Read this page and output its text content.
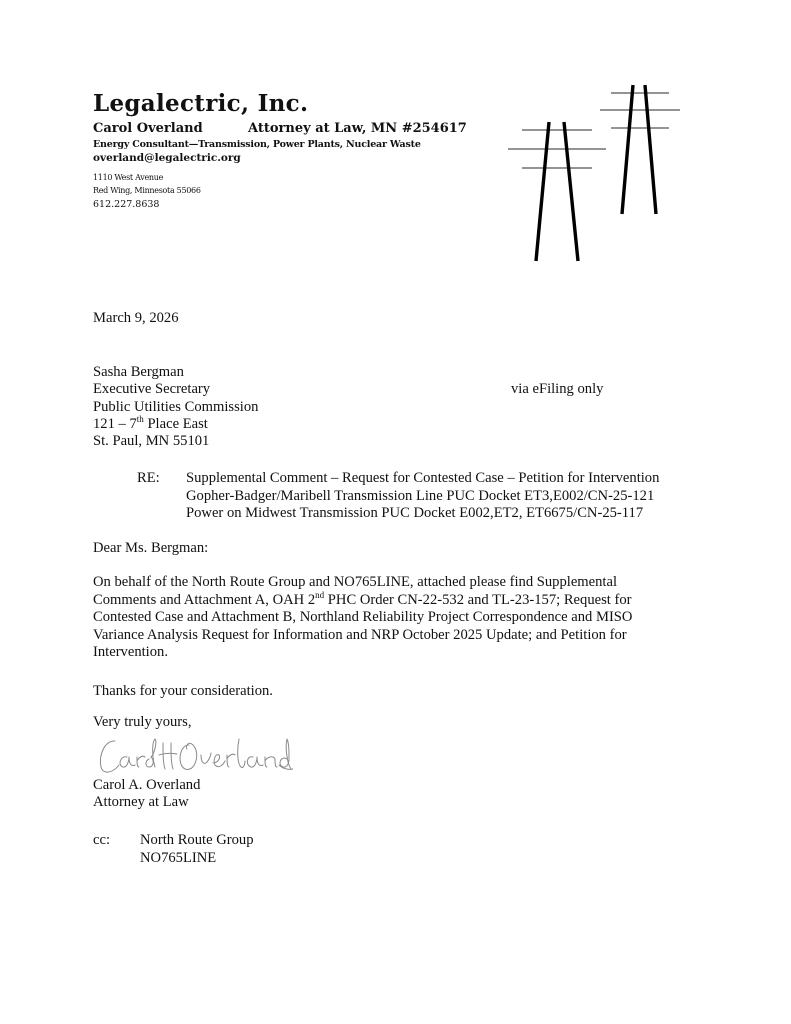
Legalectric, Inc.
Carol Overland	Attorney at Law, MN #254617
Energy Consultant—Transmission, Power Plants, Nuclear Waste
overland@legalectric.org
1110 West Avenue
Red Wing, Minnesota 55066
612.227.8638
March 9, 2026
Sasha Bergman
Executive Secretary
Public Utilities Commission
121 – 7th Place East
St. Paul, MN 55101
via eFiling only
RE: Supplemental Comment – Request for Contested Case – Petition for Intervention
Gopher-Badger/Maribell Transmission Line PUC Docket ET3,E002/CN-25-121
Power on Midwest Transmission PUC Docket E002,ET2, ET6675/CN-25-117
Dear Ms. Bergman:
On behalf of the North Route Group and NO765LINE, attached please find Supplemental
Comments and Attachment A, OAH 2nd PHC Order CN-22-532 and TL-23-157; Request for
Contested Case and Attachment B, Northland Reliability Project Correspondence and MISO
Variance Analysis Request for Information and NRP October 2025 Update; and Petition for
Intervention.
Thanks for your consideration.
Very truly yours,
Carol A. Overland
Attorney at Law
cc: North Route Group
NO765LINE
